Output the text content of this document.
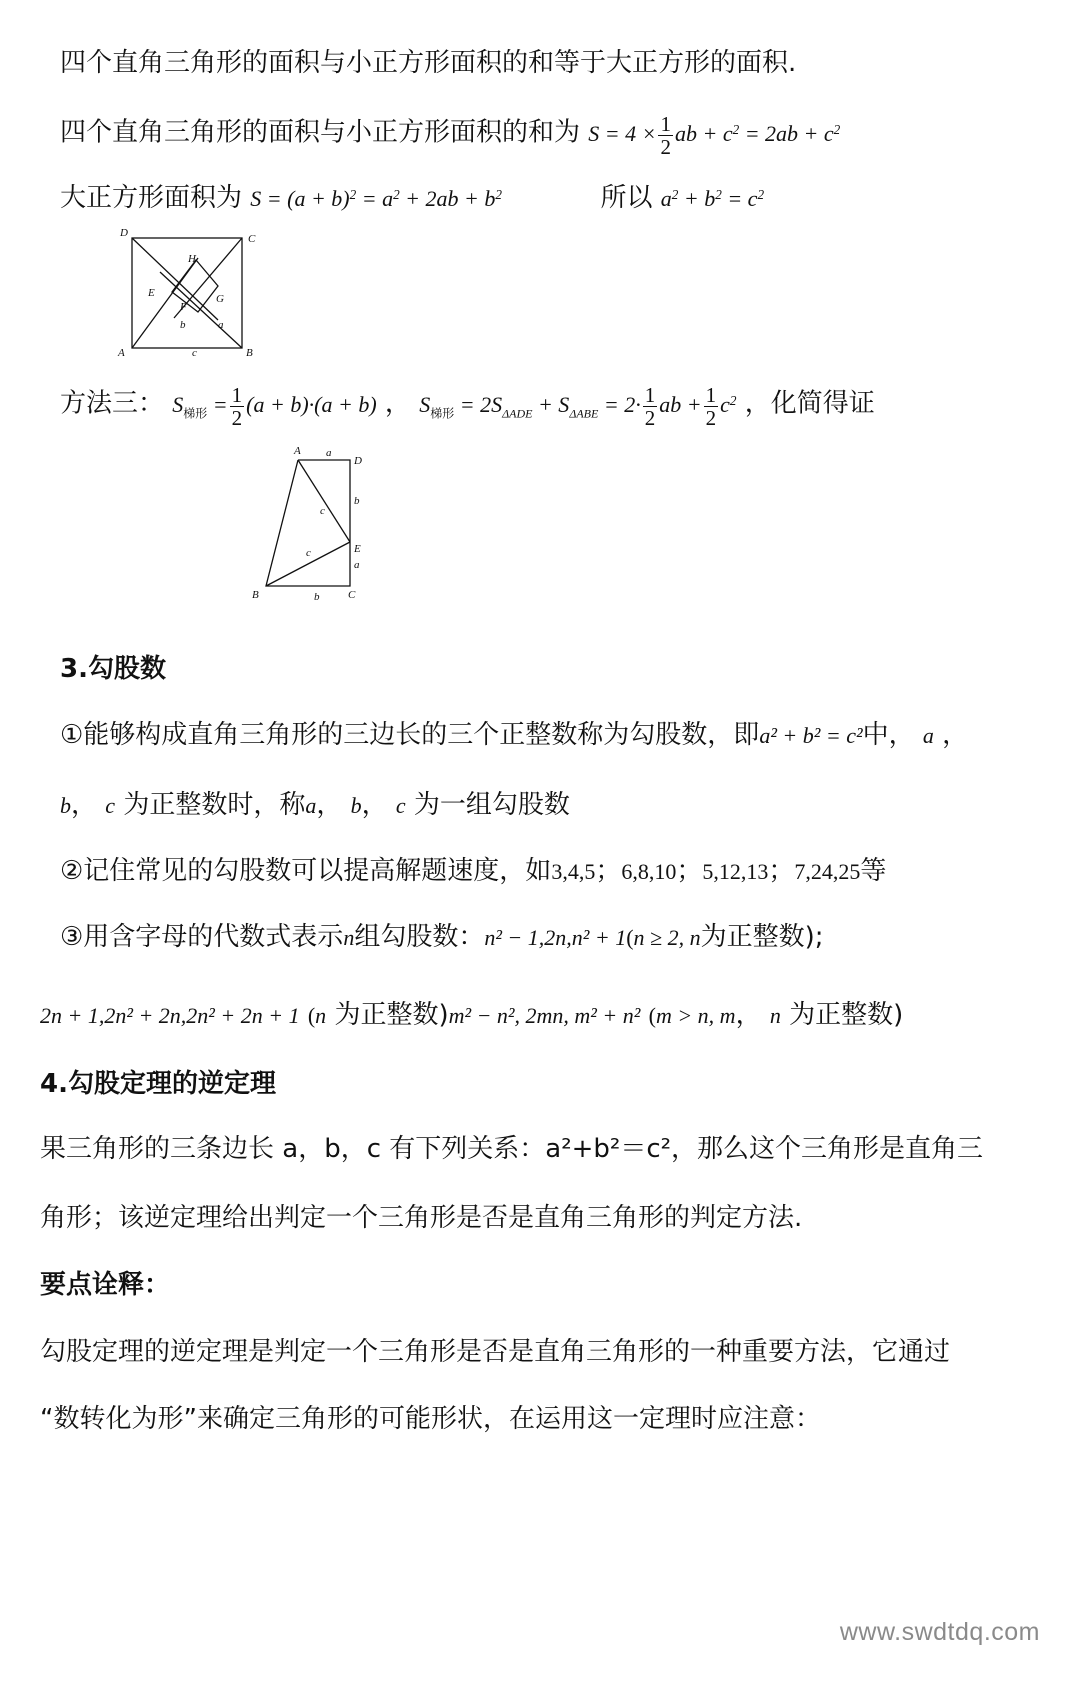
四个直角三角形的面积与小正方形面积的和等于大正方形的面积.
四个直角三角形的面积与小正方形面积的和为 $S = 4 \times \frac{1}{2}$ ab + $c^2 = 2ab + c^2$
大正方形面积为 $S = (a + b)^2 = a^2 + 2ab + b^2$	所以 $a^2 + b^2 = c^2$
D	C
H
E	G
F
b	a
A	c	B
方法三： $S_{梯形} = \frac{1}{2} (a + b)\cdot(a + b)$ ， $S_{梯形} = 2S_{\Delta ADE} + S_{\Delta ABE} = 2\cdot \frac{1}{2}$ ab + $\frac{1}{2} c^2$ ，化简得证
A a
D
b
c
c	E
a
B	b	C
3.勾股数
①能够构成直角三角形的三边长的三个正整数称为勾股数，即a² + b² = c²中， a ，
b， c 为正整数时，称a， b， c 为一组勾股数
②记住常见的勾股数可以提高解题速度，如3,4,5；6,8,10；5,12,13；7,24,25等
③用含字母的代数式表示n组勾股数：n² − 1,2n,n² + 1(n ≥ 2, n为正整数);
2n + 1,2n² + 2n,2n² + 2n + 1 (n 为正整数)m² − n², 2mn, m² + n² (m > n, m， n 为正整数)
4.勾股定理的逆定理
果三角形的三条边长 a，b，c 有下列关系：a²+b²＝c²，那么这个三角形是直角三
角形；该逆定理给出判定一个三角形是否是直角三角形的判定方法.
要点诠释：
勾股定理的逆定理是判定一个三角形是否是直角三角形的一种重要方法，它通过
“数转化为形”来确定三角形的可能形状，在运用这一定理时应注意：
www.swdtdq.com
